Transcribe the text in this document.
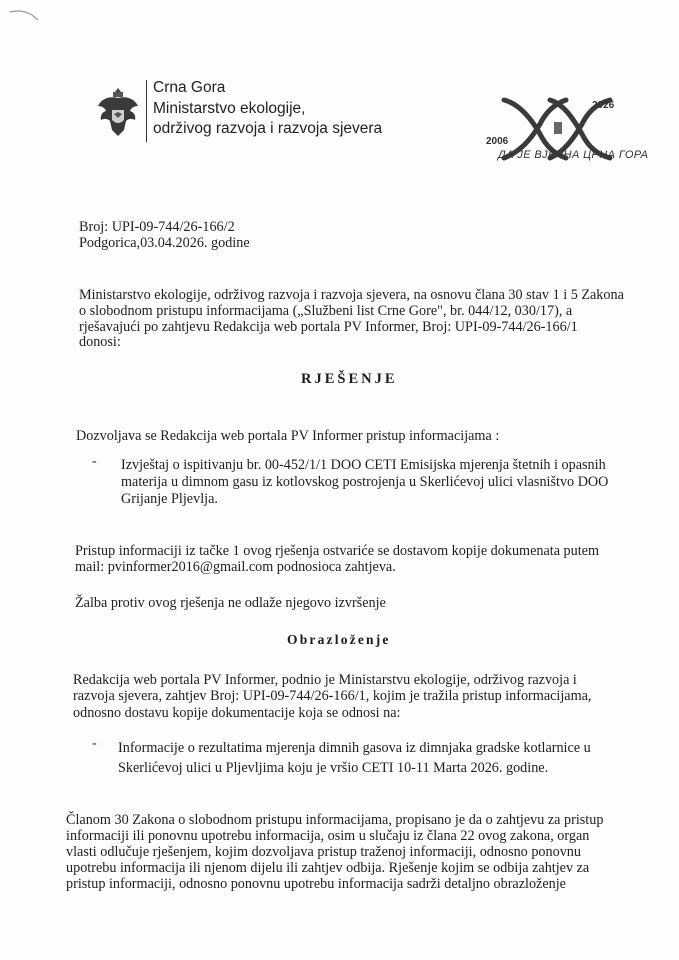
Crna Gora
Ministarstvo ekologije,
održivog razvoja i razvoja sjevera
2006
2026
ДА ЈЕ ВЈЕЧНА ЦРНА ГОРА
Broj: UPI-09-744/26-166/2
Podgorica,03.04.2026. godine
Ministarstvo ekologije, održivog razvoja i razvoja sjevera, na osnovu člana 30 stav 1 i 5 Zakona
o slobodnom pristupu informacijama („Službeni list Crne Gore", br. 044/12, 030/17), a
rješavajući po zahtjevu Redakcija web portala PV Informer, Broj: UPI-09-744/26-166/1
donosi:
RJEŠENJE
Dozvoljava se Redakcija web portala PV Informer pristup informacijama :
- Izvještaj o ispitivanju br. 00-452/1/1 DOO CETI Emisijska mjerenja štetnih i opasnih
materija u dimnom gasu iz kotlovskog postrojenja u Skerlićevoj ulici vlasništvo DOO
Grijanje Pljevlja.
Pristup informaciji iz tačke 1 ovog rješenja ostvariće se dostavom kopije dokumenata putem
mail: pvinformer2016@gmail.com podnosioca zahtjeva.
Žalba protiv ovog rješenja ne odlaže njegovo izvršenje
Obrazloženje
Redakcija web portala PV Informer, podnio je Ministarstvu ekologije, održivog razvoja i
razvoja sjevera, zahtjev Broj: UPI-09-744/26-166/1, kojim je tražila pristup informacijama,
odnosno dostavu kopije dokumentacije koja se odnosi na:
- Informacije o rezultatima mjerenja dimnih gasova iz dimnjaka gradske kotlarnice u
Skerlićevoj ulici u Pljevljima koju je vršio CETI 10-11 Marta 2026. godine.
Članom 30 Zakona o slobodnom pristupu informacijama, propisano je da o zahtjevu za pristup
informaciji ili ponovnu upotrebu informacija, osim u slučaju iz člana 22 ovog zakona, organ
vlasti odlučuje rješenjem, kojim dozvoljava pristup traženoj informaciji, odnosno ponovnu
upotrebu informacija ili njenom dijelu ili zahtjev odbija. Rješenje kojim se odbija zahtjev za
pristup informaciji, odnosno ponovnu upotrebu informacija sadrži detaljno obrazloženje
